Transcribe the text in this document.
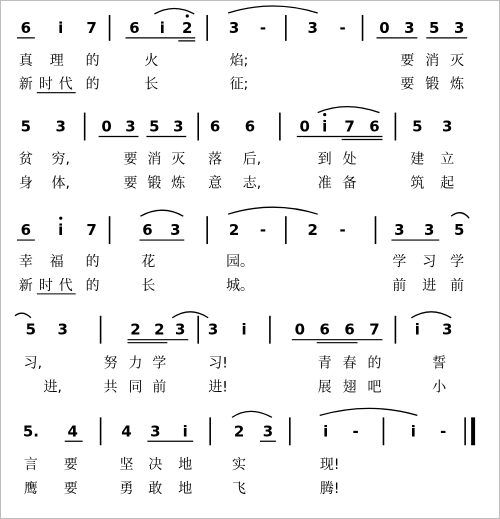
6 i 7 6 i 2 3 -	3 - 0 3 5 3
真 理 的	火	焰;	要 消 灭
新 时 代 的	长	征;	要 锻 炼
5 3 0 3 5 3 6 6	0 i 7 6 5 3
贫 穷,	要 消 灭 落 后,	到 处	建 立
身 体,	要 锻 炼 意 志,	准 备	筑 起
6 i 7	6 3	2 -	2 -	3 3 5
幸 福 的	花	园。	学 习 学
新 时 代 的	长	城。	前 进 前
5 3	2 2 3 3 i	0 6 6 7 i 3
习,	努 力 学	习!	青 春 的	誓
进,	共 同 前	进!	展 翅 吧	小
5. 4	4 3 i	2 3	i -	i -
言 要	坚 决 地	实	现!
鹰 要	勇 敢 地	飞	腾!
